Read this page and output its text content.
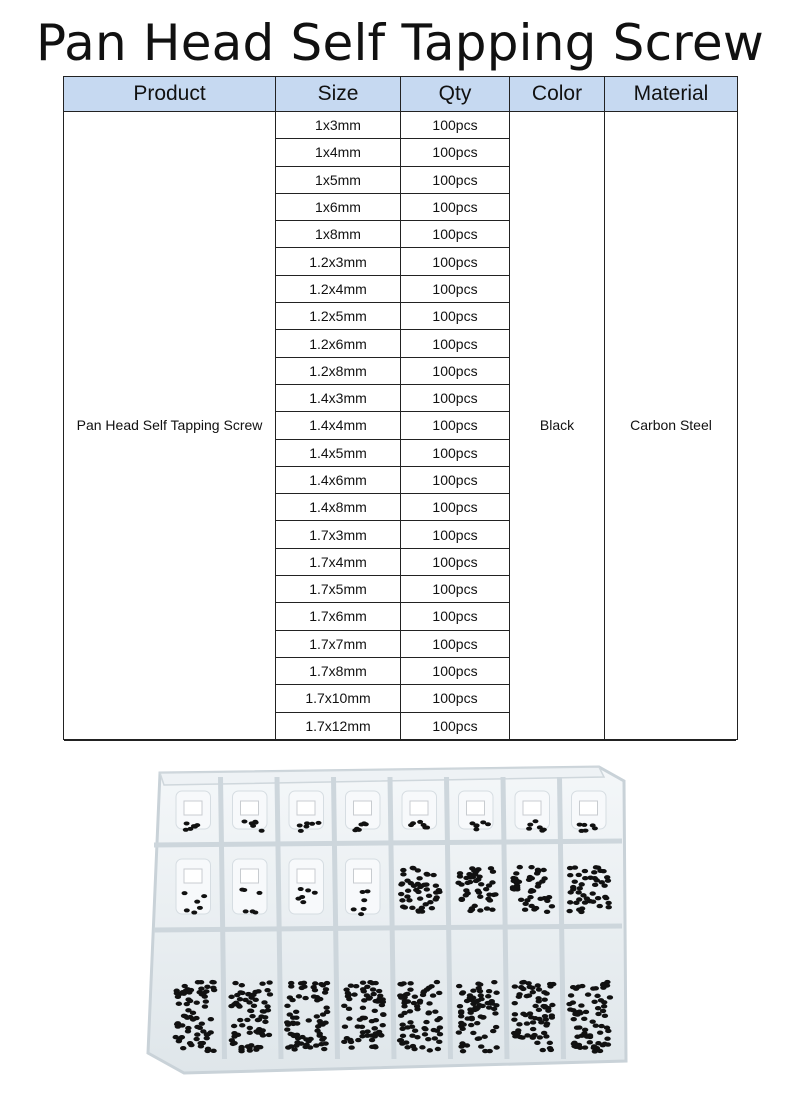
Pan Head Self Tapping Screw
Product	Size	Qty	Color	Material
Pan Head Self Tapping Screw	1x3mm	100pcs	Black	Carbon Steel
	1x4mm	100pcs		
	1x5mm	100pcs		
	1x6mm	100pcs		
	1x8mm	100pcs		
	1.2x3mm	100pcs		
	1.2x4mm	100pcs		
	1.2x5mm	100pcs		
	1.2x6mm	100pcs		
	1.2x8mm	100pcs		
	1.4x3mm	100pcs		
	1.4x4mm	100pcs		
	1.4x5mm	100pcs		
	1.4x6mm	100pcs		
	1.4x8mm	100pcs		
	1.7x3mm	100pcs		
	1.7x4mm	100pcs		
	1.7x5mm	100pcs		
	1.7x6mm	100pcs		
	1.7x7mm	100pcs		
	1.7x8mm	100pcs		
	1.7x10mm	100pcs		
	1.7x12mm	100pcs		
